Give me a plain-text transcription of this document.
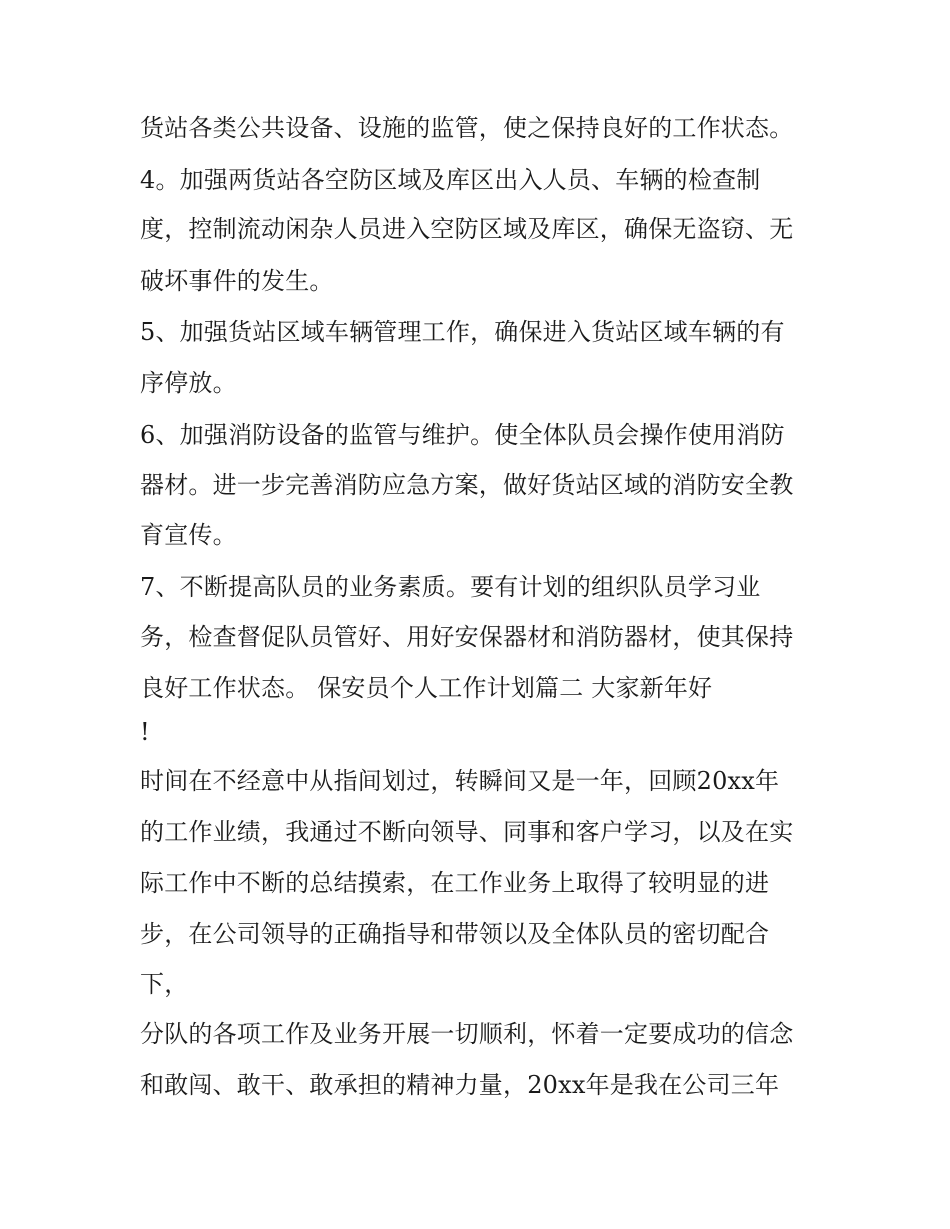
货站各类公共设备、设施的监管，使之保持良好的工作状态。
4。加强两货站各空防区域及库区出入人员、车辆的检查制
度，控制流动闲杂人员进入空防区域及库区，确保无盗窃、无
破坏事件的发生。
5、加强货站区域车辆管理工作，确保进入货站区域车辆的有
序停放。
6、加强消防设备的监管与维护。使全体队员会操作使用消防
器材。进一步完善消防应急方案，做好货站区域的消防安全教
育宣传。
7、不断提高队员的业务素质。要有计划的组织队员学习业
务，检查督促队员管好、用好安保器材和消防器材，使其保持
良好工作状态。 保安员个人工作计划篇二 大家新年好
!
时间在不经意中从指间划过，转瞬间又是一年，回顾20xx年
的工作业绩，我通过不断向领导、同事和客户学习，以及在实
际工作中不断的总结摸索，在工作业务上取得了较明显的进
步，在公司领导的正确指导和带领以及全体队员的密切配合
下，
分队的各项工作及业务开展一切顺利，怀着一定要成功的信念
和敢闯、敢干、敢承担的精神力量，20xx年是我在公司三年
